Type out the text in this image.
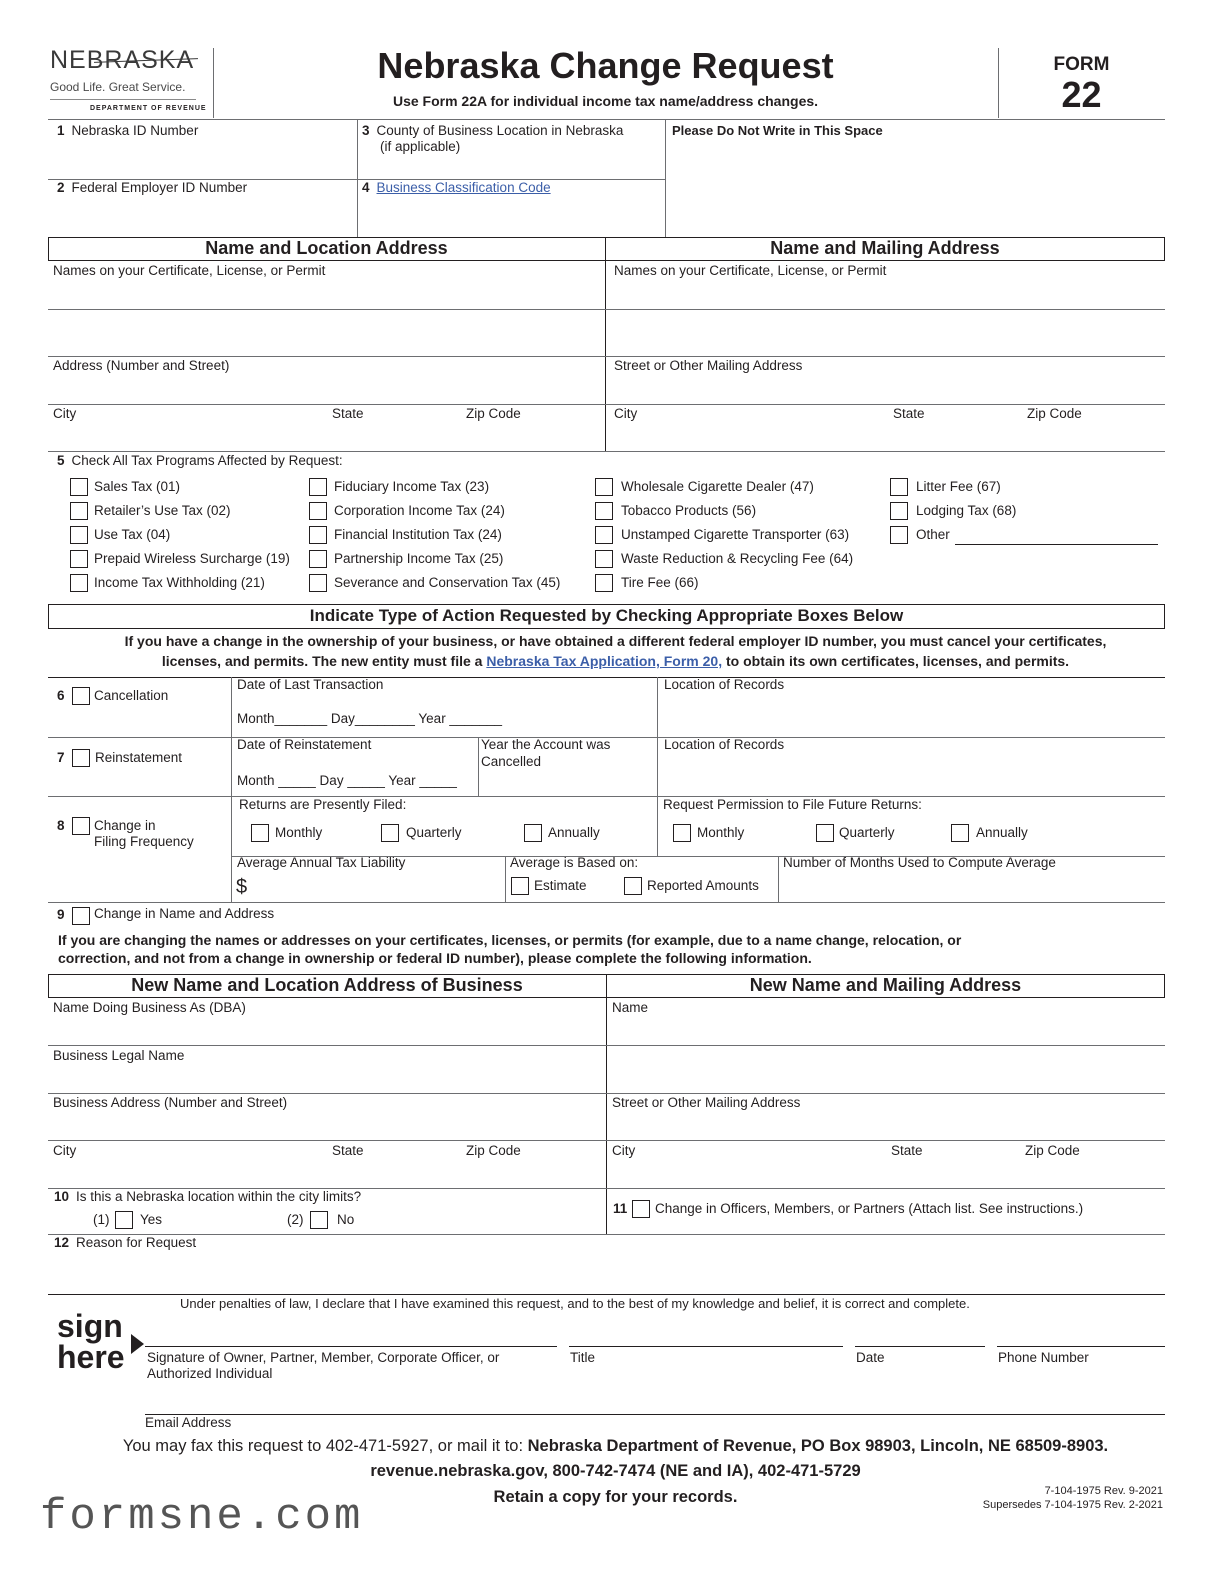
NEBRASKA
Good Life. Great Service.
DEPARTMENT OF REVENUE
Nebraska Change Request
Use Form 22A for individual income tax name/address changes.
FORM
22
1 Nebraska ID Number	3 County of Business Location in Nebraska
(if applicable)
Please Do Not Write in This Space
2 Federal Employer ID Number	4 Business Classification Code
Name and Location Address	Name and Mailing Address
Names on your Certificate, License, or Permit	Names on your Certificate, License, or Permit
Address (Number and Street)	Street or Other Mailing Address
City	State	Zip Code	City	State	Zip Code
5 Check All Tax Programs Affected by Request:
Sales Tax (01)
Retailer’s Use Tax (02)
Use Tax (04)
Prepaid Wireless Surcharge (19)
Income Tax Withholding (21)
Fiduciary Income Tax (23)
Corporation Income Tax (24)
Financial Institution Tax (24)
Partnership Income Tax (25)
Severance and Conservation Tax (45)
Wholesale Cigarette Dealer (47)
Tobacco Products (56)
Unstamped Cigarette Transporter (63)
Waste Reduction & Recycling Fee (64)
Tire Fee (66)
Litter Fee (67)
Lodging Tax (68)
Other
Indicate Type of Action Requested by Checking Appropriate Boxes Below
If you have a change in the ownership of your business, or have obtained a different federal employer ID number, you must cancel your certificates,
licenses, and permits. The new entity must file a Nebraska Tax Application, Form 20, to obtain its own certificates, licenses, and permits.
6 Cancellation
Date of Last Transaction
Month_______ Day________ Year _______
Location of Records
7 Reinstatement
Date of Reinstatement	Year the Account was
Cancelled
Location of Records
Month _____ Day _____ Year _____
8 Change in
Filing Frequency
Returns are Presently Filed:
Monthly	Quarterly	Annually
Request Permission to File Future Returns:
Monthly	Quarterly	Annually
Average Annual Tax Liability
$
Average is Based on:
Estimate	Reported Amounts
Number of Months Used to Compute Average
9 Change in Name and Address
If you are changing the names or addresses on your certificates, licenses, or permits (for example, due to a name change, relocation, or
correction, and not from a change in ownership or federal ID number), please complete the following information.
New Name and Location Address of Business	New Name and Mailing Address
Name Doing Business As (DBA)	Name
Business Legal Name
Business Address (Number and Street)	Street or Other Mailing Address
City	State	Zip Code	City	State	Zip Code
10 Is this a Nebraska location within the city limits?
(1) Yes	(2) No
11 Change in Officers, Members, or Partners (Attach list. See instructions.)
12 Reason for Request
Under penalties of law, I declare that I have examined this request, and to the best of my knowledge and belief, it is correct and complete.
sign
here Signature of Owner, Partner, Member, Corporate Officer, or
Authorized Individual
Title	Date	Phone Number
Email Address
You may fax this request to 402-471-5927, or mail it to: Nebraska Department of Revenue, PO Box 98903, Lincoln, NE 68509-8903.
revenue.nebraska.gov, 800-742-7474 (NE and IA), 402-471-5729
Retain a copy for your records.	7-104-1975 Rev. 9-2021
Supersedes 7-104-1975 Rev. 2-2021
formsne.com
